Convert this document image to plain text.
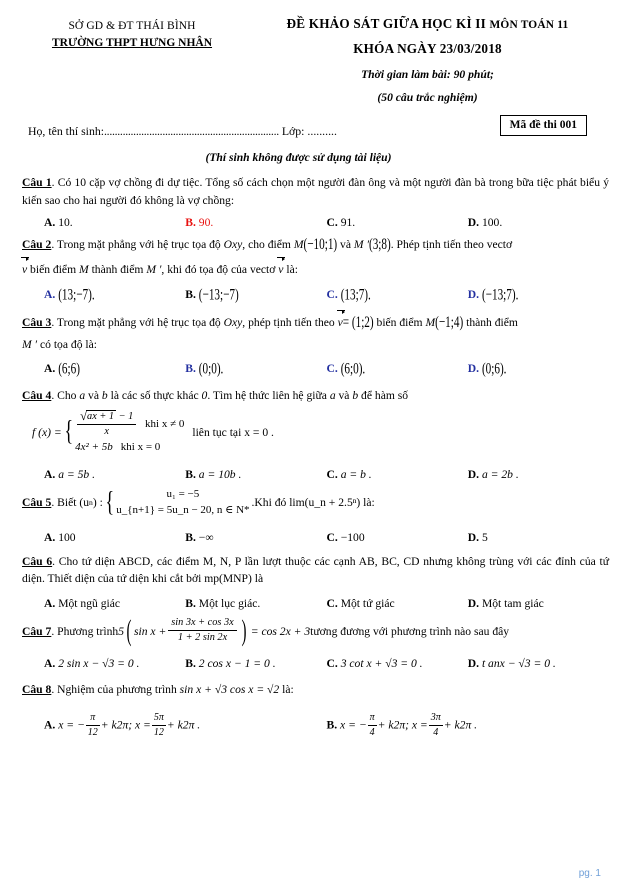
SỞ GD & ĐT THÁI BÌNH
TRƯỜNG THPT HƯNG NHÂN
ĐỀ KHẢO SÁT GIỮA HỌC KÌ II MÔN TOÁN 11
KHÓA NGÀY 23/03/2018
Thời gian làm bài: 90 phút;
(50 câu trắc nghiệm)
Họ, tên thí sinh:.................................................................. Lớp: ..........	Mã đề thi 001
(Thí sinh không được sử dụng tài liệu)
Câu 1. Có 10 cặp vợ chồng đi dự tiệc. Tổng số cách chọn một người đàn ông và một người đàn bà trong bữa tiệc phát biểu ý kiến sao cho hai người đó không là vợ chồng:
A. 10.	B. 90.	C. 91.	D. 100.
Câu 2. Trong mặt phẳng với hệ trục tọa độ Oxy, cho điểm M(−10;1) và M ′(3;8). Phép tịnh tiến theo vectơ
v biến điểm M thành điểm M ′, khi đó tọa độ của vectơ v là:
A. (13;−7).	B. (−13;−7)	C. (13;7).	D. (−13;7).
Câu 3. Trong mặt phẳng với hệ trục tọa độ Oxy, phép tịnh tiến theo v= (1;2) biến điểm M(−1;4) thành điểm
M ′ có tọa độ là:
A. (6;6)	B. (0;0).	C. (6;0).	D. (0;6).
Câu 4. Cho a và b là các số thực khác 0. Tìm hệ thức liên hệ giữa a và b để hàm số
f (x) = { $\frac{√ax + 1 - 1}{x}$ khi x ≠ 0
4x² + 5b khi x = 0
liên tục tại x = 0 .
A. a = 5b .	B. a = 10b .	C. a = b .	D. a = 2b .
Câu 5 . Biết (u n ) : {	u₁ = −5
u_{n+1} = 5u_n − 20, n ∈ N*
.Khi đó lim(u_n + 2.5ⁿ) là:
A. 100	B. −∞	C. −100	D. 5
Câu 6. Cho tứ diện ABCD, các điểm M, N, P lần lượt thuộc các cạnh AB, BC, CD nhưng không trùng với các đỉnh của tứ diện. Thiết diện của tứ diện khi cắt bởi mp(MNP) là
A. Một ngũ giác	B. Một lục giác.	C. Một tứ giác	D. Một tam giác
Câu 7 . Phương trình 5 ( $\sin x + \frac{\sin 3x + \cos 3x}{1 + 2 \sin 2x}$ ) = cos 2x + 3 tương đương với phương trình nào sau đây
A. 2 sin x − √3 = 0 .	B. 2 cos x − 1 = 0 .	C. 3 cot x + √3 = 0 .	D. t anx − √3 = 0 .
Câu 8. Nghiệm của phương trình sin x + √3 cos x = √2 là:
A. x = − $\frac{\pi}{12} + k2\pi$; $x = \frac{5\pi}{12} + k2\pi$ .	B. x = − $\frac{\pi}{4} + k2\pi$; $x = \frac{3\pi}{4} + k2\pi$ .
pg. 1
